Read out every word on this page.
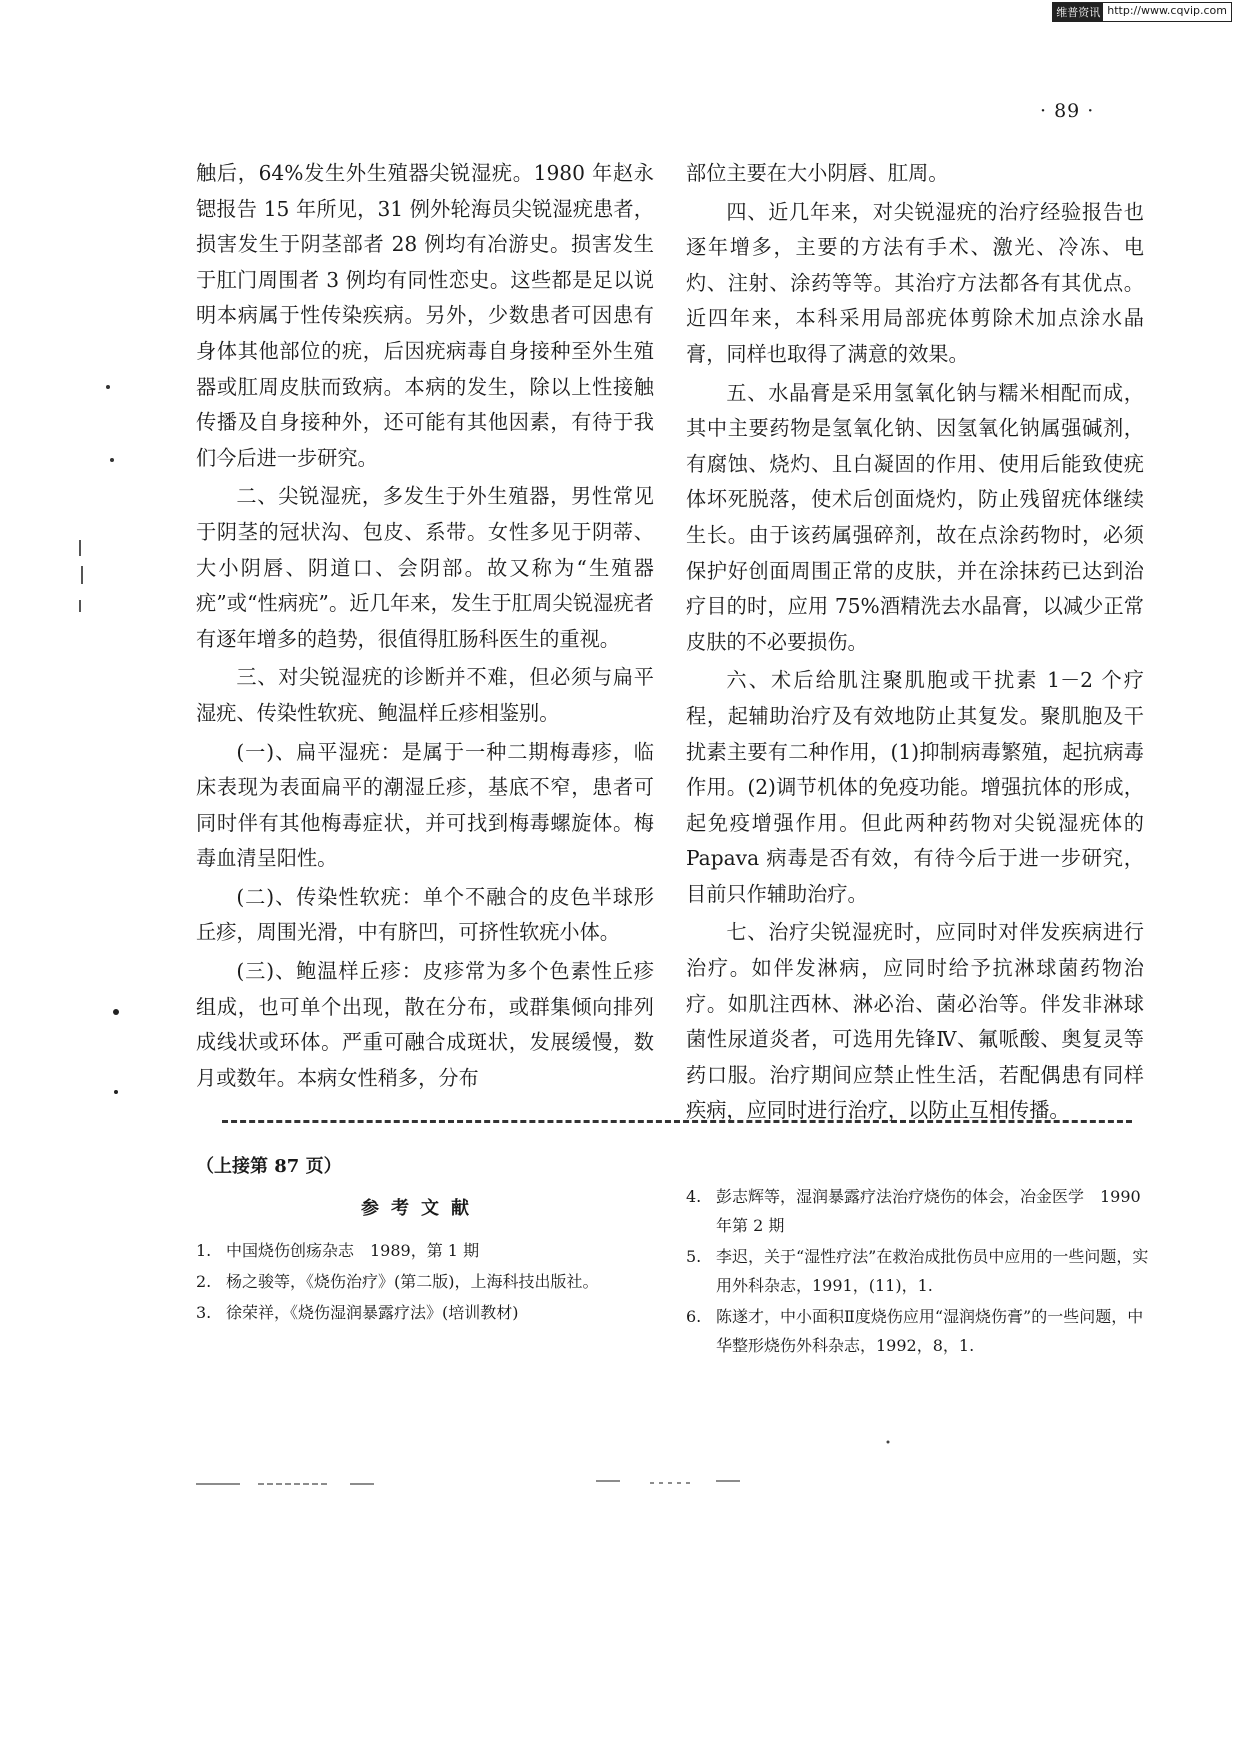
维普资讯 http://www.cqvip.com
· 89 ·

触后，64%发生外生殖器尖锐湿疣。1980 年赵永锶报告 15 年所见，31 例外轮海员尖锐湿疣患者，损害发生于阴茎部者 28 例均有冶游史。损害发生于肛门周围者 3 例均有同性恋史。这些都是足以说明本病属于性传染疾病。另外，少数患者可因患有身体其他部位的疣，后因疣病毒自身接种至外生殖器或肛周皮肤而致病。本病的发生，除以上性接触传播及自身接种外，还可能有其他因素，有待于我们今后进一步研究。

二、尖锐湿疣，多发生于外生殖器，男性常见于阴茎的冠状沟、包皮、系带。女性多见于阴蒂、大小阴唇、阴道口、会阴部。故又称为“生殖器疣”或“性病疣”。近几年来，发生于肛周尖锐湿疣者有逐年增多的趋势，很值得肛肠科医生的重视。

三、对尖锐湿疣的诊断并不难，但必须与扁平湿疣、传染性软疣、鲍温样丘疹相鉴别。

(一)、扁平湿疣：是属于一种二期梅毒疹，临床表现为表面扁平的潮湿丘疹，基底不窄，患者可同时伴有其他梅毒症状，并可找到梅毒螺旋体。梅毒血清呈阳性。

(二)、传染性软疣：单个不融合的皮色半球形丘疹，周围光滑，中有脐凹，可挤性软疣小体。

(三)、鲍温样丘疹：皮疹常为多个色素性丘疹组成，也可单个出现，散在分布，或群集倾向排列成线状或环体。严重可融合成斑状，发展缓慢，数月或数年。本病女性稍多，分布

部位主要在大小阴唇、肛周。

四、近几年来，对尖锐湿疣的治疗经验报告也逐年增多，主要的方法有手术、激光、冷冻、电灼、注射、涂药等等。其治疗方法都各有其优点。近四年来，本科采用局部疣体剪除术加点涂水晶膏，同样也取得了满意的效果。

五、水晶膏是采用氢氧化钠与糯米相配而成，其中主要药物是氢氧化钠、因氢氧化钠属强碱剂，有腐蚀、烧灼、且白凝固的作用、使用后能致使疣体坏死脱落，使术后创面烧灼，防止残留疣体继续生长。由于该药属强碎剂，故在点涂药物时，必须保护好创面周围正常的皮肤，并在涂抹药已达到治疗目的时，应用 75%酒精洗去水晶膏，以减少正常皮肤的不必要损伤。

六、术后给肌注聚肌胞或干扰素 1－2 个疗程，起辅助治疗及有效地防止其复发。聚肌胞及干扰素主要有二种作用，(1)抑制病毒繁殖，起抗病毒作用。(2)调节机体的免疫功能。增强抗体的形成，起免疫增强作用。但此两种药物对尖锐湿疣体的 Papava 病毒是否有效，有待今后于进一步研究，目前只作辅助治疗。

七、治疗尖锐湿疣时，应同时对伴发疾病进行治疗。如伴发淋病，应同时给予抗淋球菌药物治疗。如肌注西林、淋必治、菌必治等。伴发非淋球菌性尿道炎者，可选用先锋Ⅳ、氟哌酸、奥复灵等药口服。治疗期间应禁止性生活，若配偶患有同样疾病，应同时进行治疗，以防止互相传播。

（上接第 87 页）
参考文献
1. 中国烧伤创疡杂志　1989，第 1 期
2. 杨之骏等，《烧伤治疗》(第二版)，上海科技出版社。
3. 徐荣祥，《烧伤湿润暴露疗法》(培训教材)
4. 彭志辉等，湿润暴露疗法治疗烧伤的体会，冶金医学　1990 年第 2 期
5. 李迟，关于“湿性疗法”在救治成批伤员中应用的一些问题，实用外科杂志，1991，(11)，1.
6. 陈遂才，中小面积Ⅱ度烧伤应用“湿润烧伤膏”的一些问题，中华整形烧伤外科杂志，1992，8，1.
